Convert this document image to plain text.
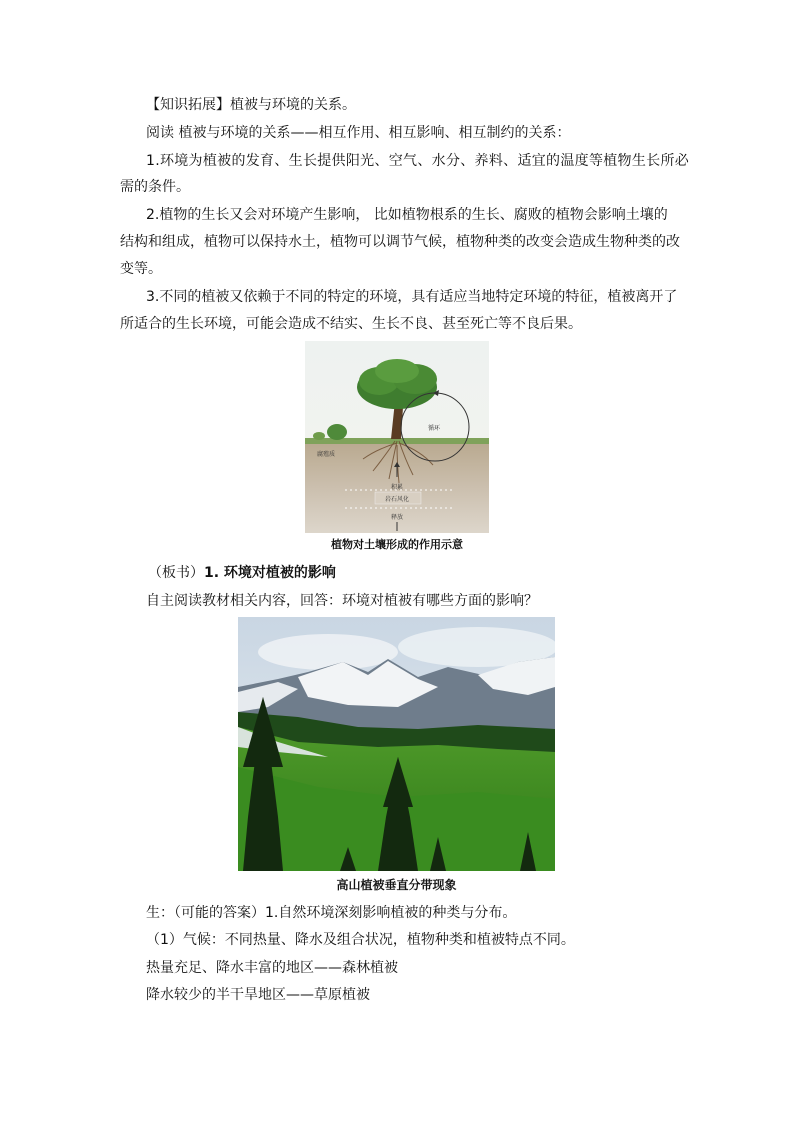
【知识拓展】植被与环境的关系。
阅读 植被与环境的关系——相互作用、相互影响、相互制约的关系：
1.环境为植被的发育、生长提供阳光、空气、水分、养料、适宜的温度等植物生长所必
需的条件。
2.植物的生长又会对环境产生影响， 比如植物根系的生长、腐败的植物会影响土壤的
结构和组成，植物可以保持水土，植物可以调节气候，植物种类的改变会造成生物种类的改
变等。
3.不同的植被又依赖于不同的特定的环境，具有适应当地特定环境的特征，植被离开了
所适合的生长环境，可能会造成不结实、生长不良、甚至死亡等不良后果。
循环
腐殖质
积累
岩石风化
释放
植物对土壤形成的作用示意
（板书）1. 环境对植被的影响
自主阅读教材相关内容，回答：环境对植被有哪些方面的影响？
高山植被垂直分带现象
生：（可能的答案）1.自然环境深刻影响植被的种类与分布。
（1）气候：不同热量、降水及组合状况，植物种类和植被特点不同。
热量充足、降水丰富的地区——森林植被
降水较少的半干旱地区——草原植被
